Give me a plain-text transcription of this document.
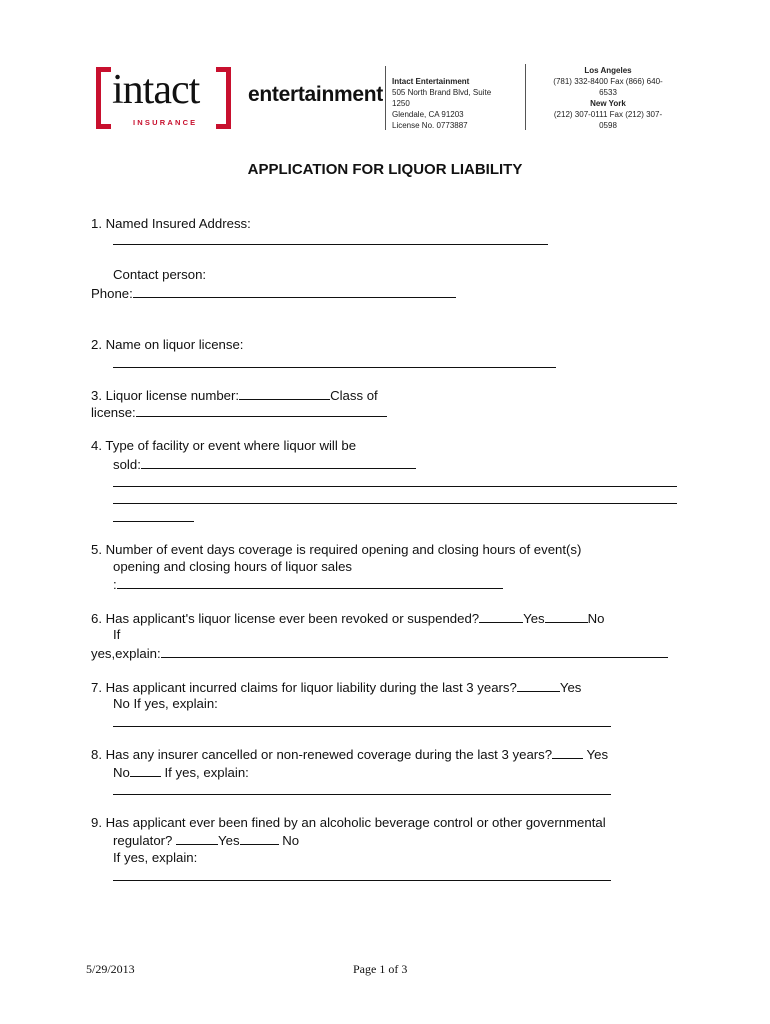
intact
INSURANCE
entertainment
Intact Entertainment
505 North Brand Blvd, Suite
1250
Glendale, CA 91203
License No. 0773887
Los Angeles
(781) 332-8400 Fax (866) 640-
6533
New York
(212) 307-0111 Fax (212) 307-
0598
APPLICATION FOR LIQUOR LIABILITY
1. Named Insured Address:
Contact person:
Phone:
2. Name on liquor license:
3. Liquor license number:	Class of
license:
4. Type of facility or event where liquor will be
sold:
5. Number of event days coverage is required opening and closing hours of event(s)
opening and closing hours of liquor sales
:
6. Has applicant's liquor license ever been revoked or suspended?	Yes	No
If
yes,explain:
7. Has applicant incurred claims for liquor liability during the last 3 years?	Yes
No If yes, explain:
8. Has any insurer cancelled or non-renewed coverage during the last 3 years? Yes
No If yes, explain:
9. Has applicant ever been fined by an alcoholic beverage control or other governmental
regulator?	Yes	No
If yes, explain:
5/29/2013	Page 1 of 3
